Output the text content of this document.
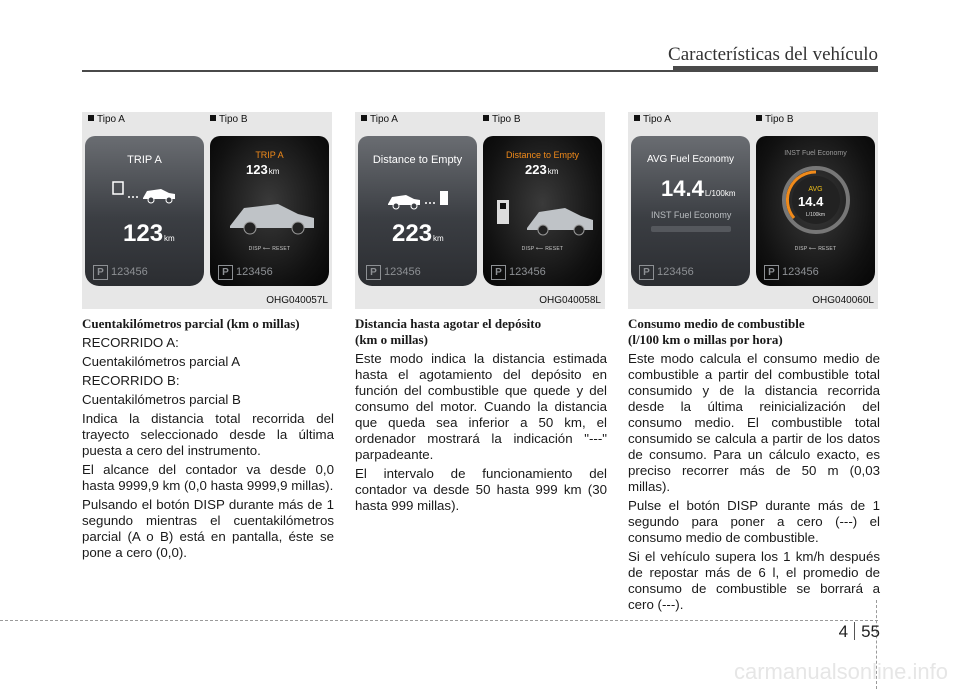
Características del vehículo
Tipo A	Tipo B
TRIP A
123km
P 123456
TRIP A
123km
DISP ⟵ RESET
P 123456
OHG040057L
Tipo A	Tipo B
Distance to Empty
223km
P 123456
Distance to Empty
223km
DISP ⟵ RESET
P 123456
OHG040058L
Tipo A	Tipo B
AVG Fuel Economy
14.4L/100km
INST Fuel Economy
P 123456
INST Fuel Economy
AVG
14.4
L/100km
DISP ⟵ RESET
P 123456
OHG040060L

Cuentakilómetros parcial (km o millas)

RECORRIDO A:

Cuentakilómetros parcial A

RECORRIDO B:

Cuentakilómetros parcial B

Indica la distancia total recorrida del trayecto seleccionado desde la última puesta a cero del instrumento.

El alcance del contador va desde 0,0 hasta 9999,9 km (0,0 hasta 9999,9 millas).

Pulsando el botón DISP durante más de 1 segundo mientras el cuentakilómetros parcial (A o B) está en pantalla, éste se pone a cero (0,0).

Distancia hasta agotar el depósito

(km o millas)

Este modo indica la distancia estimada hasta el agotamiento del depósito en función del combustible que quede y del consumo del motor. Cuando la distancia que queda sea inferior a 50 km, el ordenador mostrará la indicación "---" parpadeante.

El intervalo de funcionamiento del contador va desde 50 hasta 999 km (30 hasta 999 millas).

Consumo medio de combustible

(l/100 km o millas por hora)

Este modo calcula el consumo medio de combustible a partir del combustible total consumido y de la distancia recorrida desde la última reinicialización del consumo medio. El combustible total consumido se calcula a partir de los datos de consumo. Para un cálculo exacto, es preciso recorrer más de 50 m (0,03 millas).

Pulse el botón DISP durante más de 1 segundo para poner a cero (---) el consumo medio de combustible.

Si el vehículo supera los 1 km/h después de repostar más de 6 l, el promedio de consumo de combustible se borrará a cero (---).

4 55
carmanualsonline.info
